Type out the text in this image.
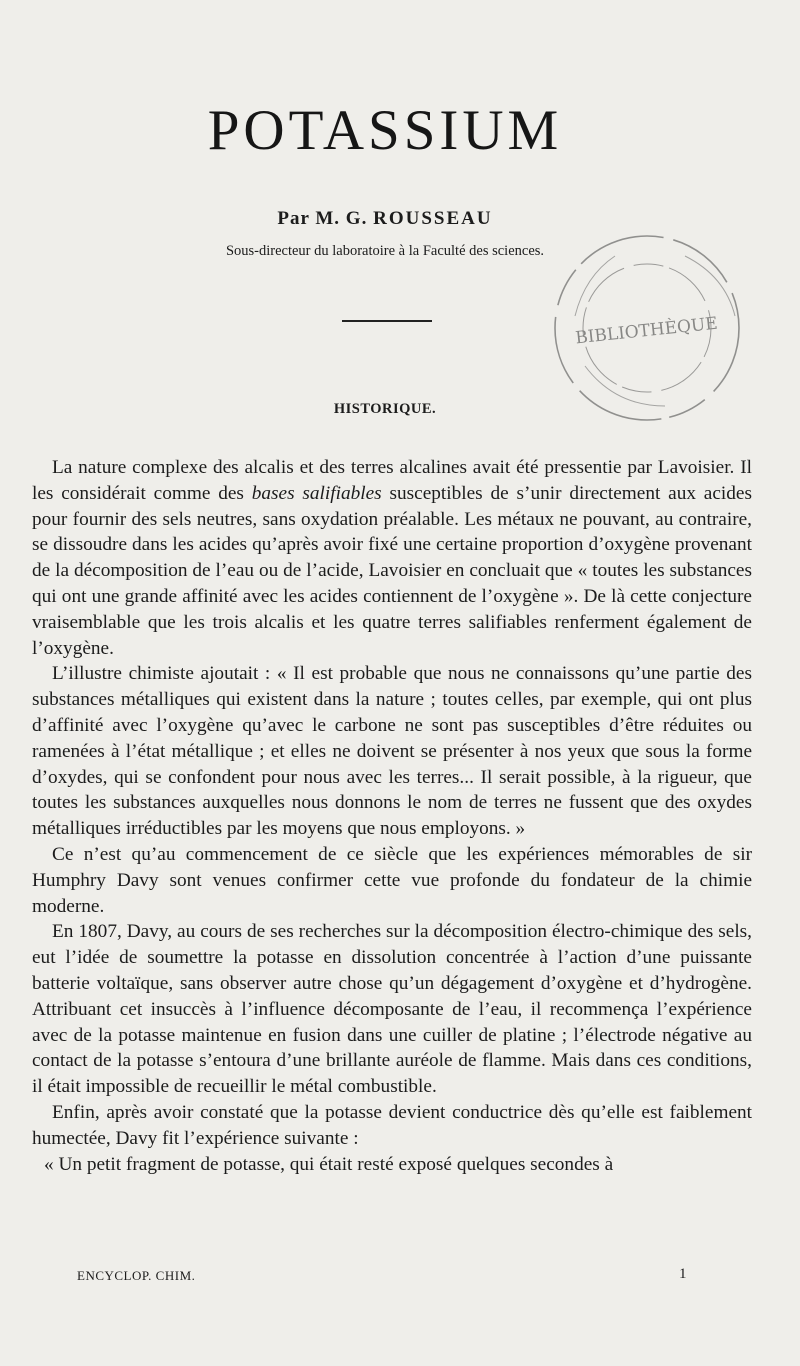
POTASSIUM
Par M. G. ROUSSEAU
Sous-directeur du laboratoire à la Faculté des sciences.
BIBLIOTHÈQUE
HISTORIQUE.

La nature complexe des alcalis et des terres alcalines avait été pressentie par Lavoisier. Il les considérait comme des bases salifiables susceptibles de s’unir directement aux acides pour fournir des sels neutres, sans oxydation préalable. Les métaux ne pouvant, au contraire, se dissoudre dans les acides qu’après avoir fixé une certaine proportion d’oxygène provenant de la décomposition de l’eau ou de l’acide, Lavoisier en concluait que « toutes les substances qui ont une grande affinité avec les acides contiennent de l’oxygène ». De là cette conjecture vraisemblable que les trois alcalis et les quatre terres salifiables renferment également de l’oxygène.

L’illustre chimiste ajoutait : « Il est probable que nous ne connaissons qu’une partie des substances métalliques qui existent dans la nature ; toutes celles, par exemple, qui ont plus d’affinité avec l’oxygène qu’avec le carbone ne sont pas susceptibles d’être réduites ou ramenées à l’état métallique ; et elles ne doivent se présenter à nos yeux que sous la forme d’oxydes, qui se confondent pour nous avec les terres... Il serait possible, à la rigueur, que toutes les substances auxquelles nous donnons le nom de terres ne fussent que des oxydes métalliques irréductibles par les moyens que nous employons. »

Ce n’est qu’au commencement de ce siècle que les expériences mémorables de sir Humphry Davy sont venues confirmer cette vue profonde du fondateur de la chimie moderne.

En 1807, Davy, au cours de ses recherches sur la décomposition électro-chimique des sels, eut l’idée de soumettre la potasse en dissolution concentrée à l’action d’une puissante batterie voltaïque, sans observer autre chose qu’un dégagement d’oxygène et d’hydrogène. Attribuant cet insuccès à l’influence décomposante de l’eau, il recommença l’expérience avec de la potasse maintenue en fusion dans une cuiller de platine ; l’électrode négative au contact de la potasse s’entoura d’une brillante auréole de flamme. Mais dans ces conditions, il était impossible de recueillir le métal combustible.

Enfin, après avoir constaté que la potasse devient conductrice dès qu’elle est faiblement humectée, Davy fit l’expérience suivante :

« Un petit fragment de potasse, qui était resté exposé quelques secondes à

ENCYCLOP. CHIM.	1
